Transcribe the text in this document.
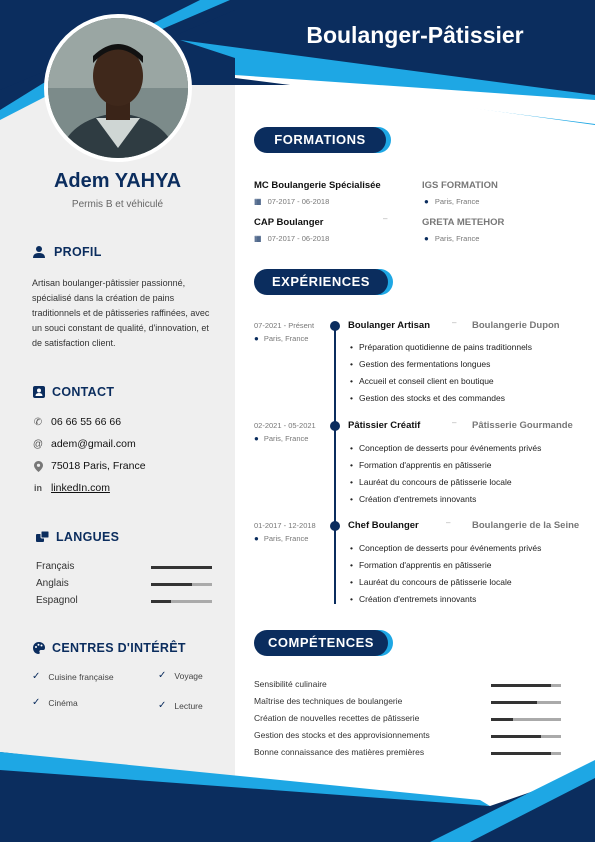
Adem YAHYA
Permis B et véhiculé
PROFIL
Artisan boulanger-pâtissier passionné, spécialisé dans la création de pains traditionnels et de pâtisseries raffinées, avec un souci constant de qualité, d'innovation, et de satisfaction client.
CONTACT
✆ 06 66 55 66 66
@ adem@gmail.com
75018 Paris, France
in linkedIn.com
LANGUES
Français
Anglais
Espagnol
CENTRES D'INTÉRÊT
✓ Cuisine française	✓ Voyage
✓ Cinéma	✓ Lecture
Boulanger-Pâtissier
FORMATIONS
MC Boulangerie Spécialisée
▦ 07-2017 - 06-2018
IGS FORMATION
● Paris, France
CAP Boulanger	–
▦ 07-2017 - 06-2018
GRETA METEHOR
● Paris, France
EXPÉRIENCES
07-2021 - Présent
● Paris, France
Boulanger Artisan	– Boulangerie Dupon
• Préparation quotidienne de pains traditionnels
• Gestion des fermentations longues
• Accueil et conseil client en boutique
• Gestion des stocks et des commandes
02-2021 - 05-2021
● Paris, France
Pâtissier Créatif	– Pâtisserie Gourmande
• Conception de desserts pour événements privés
• Formation d'apprentis en pâtisserie
• Lauréat du concours de pâtisserie locale
• Création d'entremets innovants
01-2017 - 12-2018
● Paris, France
Chef Boulanger	– Boulangerie de la Seine
• Conception de desserts pour événements privés
• Formation d'apprentis en pâtisserie
• Lauréat du concours de pâtisserie locale
• Création d'entremets innovants
COMPÉTENCES
Sensibilité culinaire
Maîtrise des techniques de boulangerie
Création de nouvelles recettes de pâtisserie
Gestion des stocks et des approvisionnements
Bonne connaissance des matières premières
